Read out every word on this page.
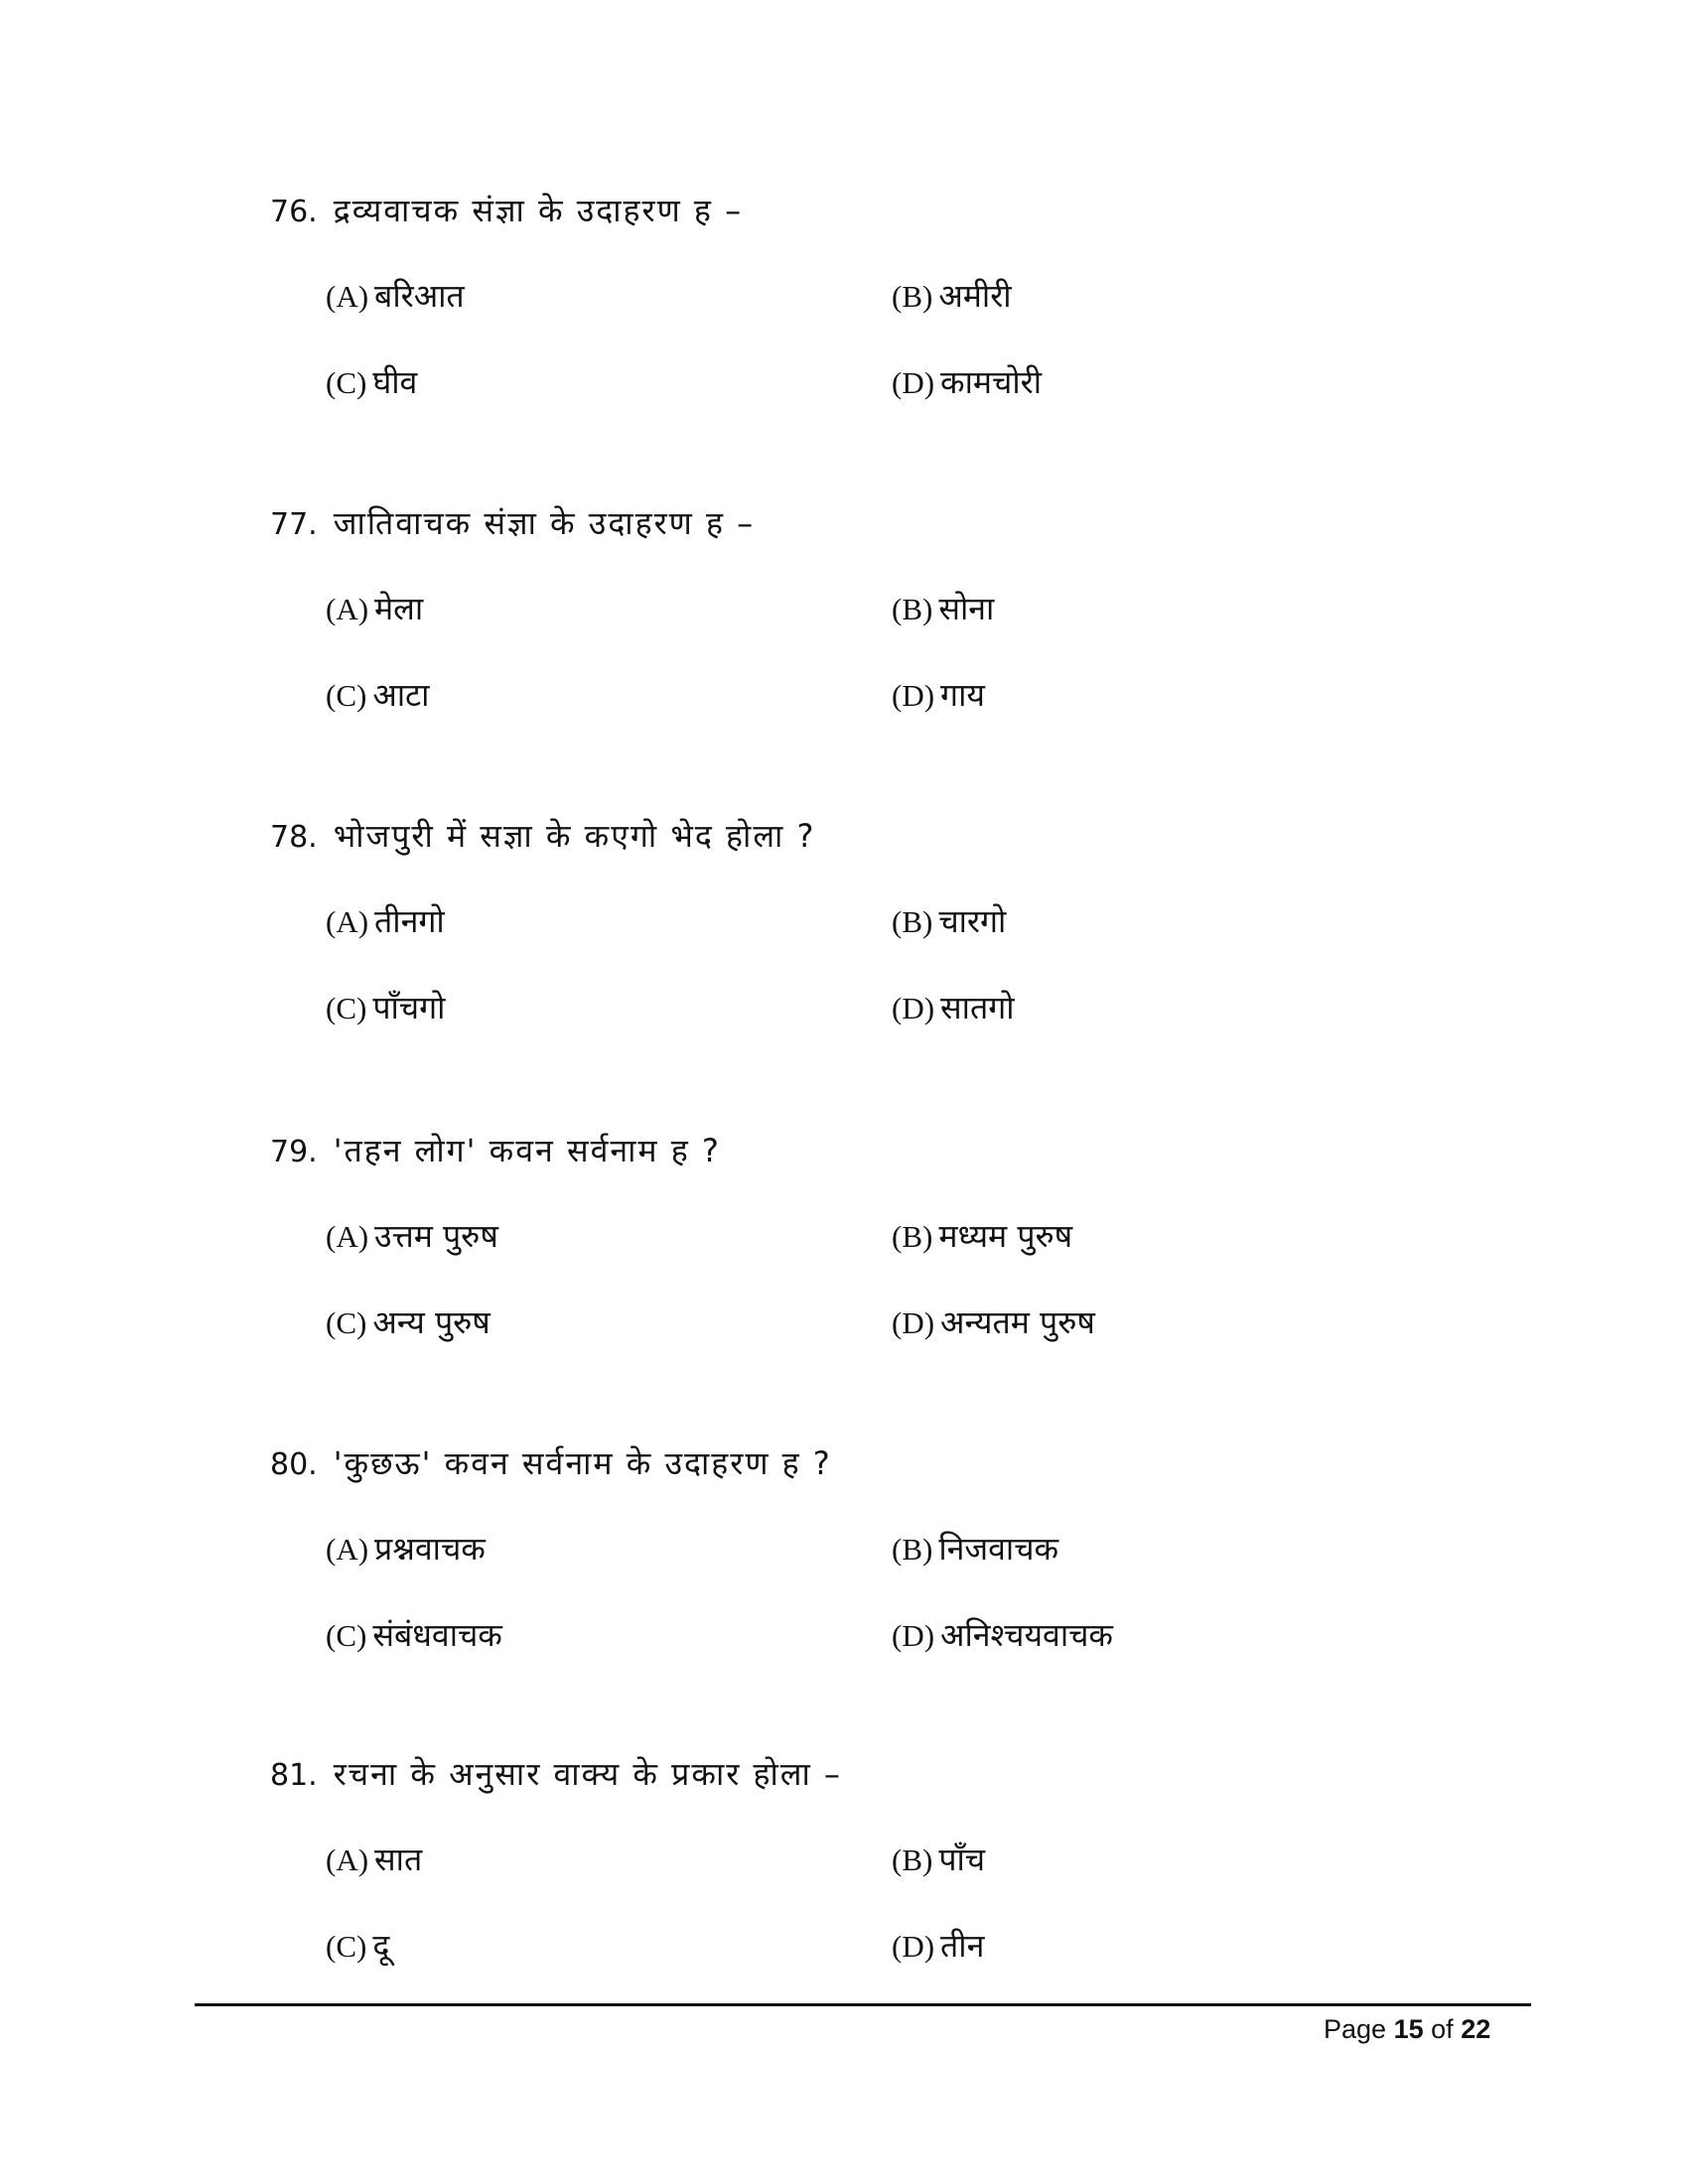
76. द्रव्यवाचक संज्ञा के उदाहरण ह –
(A) बरिआत	(B) अमीरी
(C) घीव	(D) कामचोरी
77. जातिवाचक संज्ञा के उदाहरण ह –
(A) मेला	(B) सोना
(C) आटा	(D) गाय
78. भोजपुरी में सज्ञा के कएगो भेद होला ?
(A) तीनगो	(B) चारगो
(C) पाँचगो	(D) सातगो
79. 'तहन लोग' कवन सर्वनाम ह ?
(A) उत्तम पुरुष	(B) मध्यम पुरुष
(C) अन्य पुरुष	(D) अन्यतम पुरुष
80. 'कुछऊ' कवन सर्वनाम के उदाहरण ह ?
(A) प्रश्नवाचक	(B) निजवाचक
(C) संबंधवाचक	(D) अनिश्चयवाचक
81. रचना के अनुसार वाक्य के प्रकार होला –
(A) सात	(B) पाँच
(C) दू	(D) तीन
Page 15 of 22
